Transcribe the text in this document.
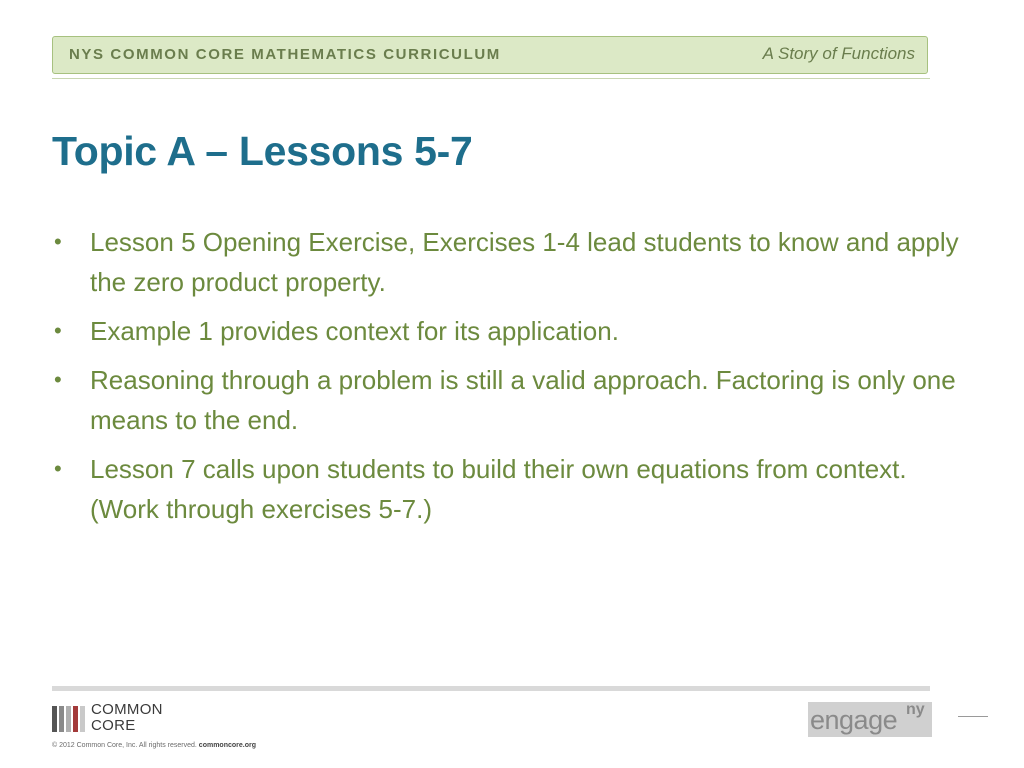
NYS COMMON CORE MATHEMATICS CURRICULUM	A Story of Functions
Topic A – Lessons 5-7
• Lesson 5 Opening Exercise, Exercises 1-4 lead students to know and apply the zero product property.
• Example 1 provides context for its application.
• Reasoning through a problem is still a valid approach. Factoring is only one means to the end.
• Lesson 7 calls upon students to build their own equations from context. (Work through exercises 5-7.)
COMMON
CORE
© 2012 Common Core, Inc. All rights reserved. commoncore.org
engage ny
